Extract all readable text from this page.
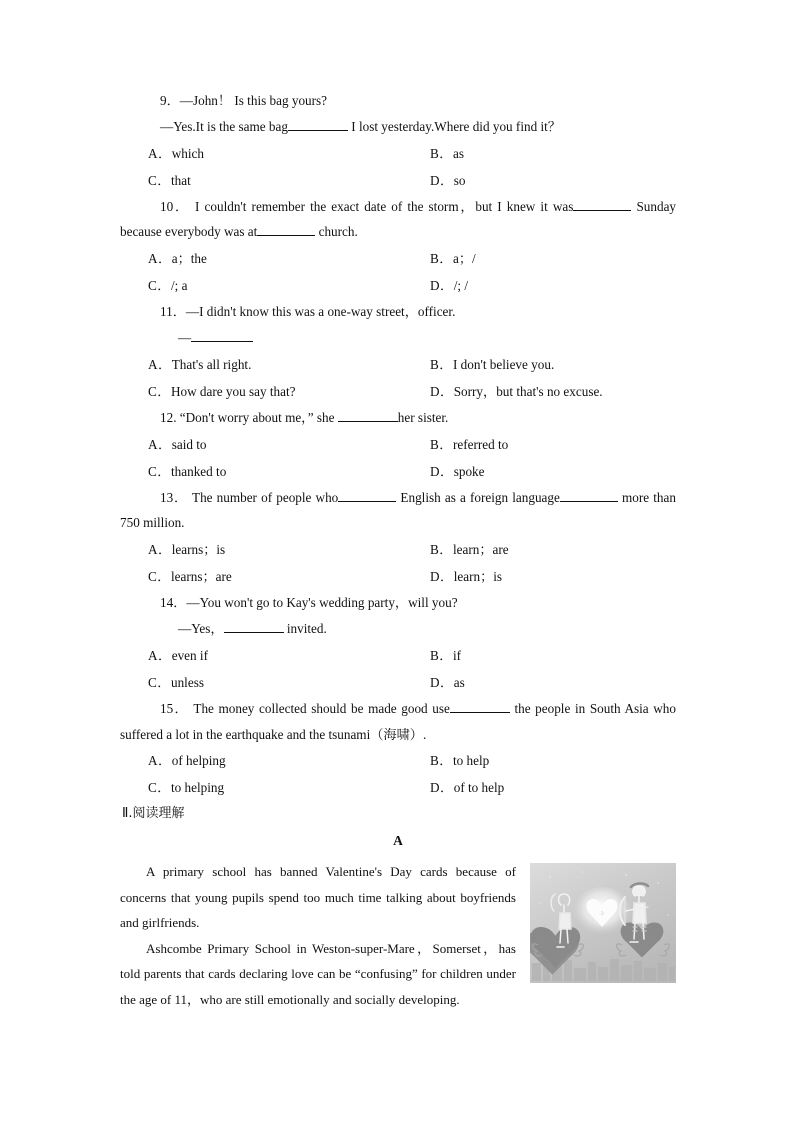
9．—John！ Is this bag yours?

—Yes.It is the same bag	I lost yesterday.Where did you find it？

A．which	B．as
C．that	D．so

10． I couldn't remember the exact date of the storm，but I knew it was	Sunday because everybody was at	church.

A．a；the	B．a；/
C．/; a	D．/; /

11．—I didn't know this was a one-way street，officer.

—

A．That's all right.	B．I don't believe you.
C．How dare you say that?	D．Sorry，but that's no excuse.

12. “Don't worry about me，” she	her sister.

A．said to	B．referred to
C．thanked to	D．spoke

13． The number of people who	English as a foreign language	more than 750 million.

A．learns；is	B．learn；are
C．learns；are	D．learn；is

14．—You won't go to Kay's wedding party，will you?

—Yes，	invited.

A．even if	B．if
C．unless	D．as

15． The money collected should be made good use	the people in South Asia who suffered a lot in the earthquake and the tsunami（海啸）.

A．of helping	B．to help
C．to helping	D．of to help

Ⅱ.阅读理解

A

·Ɔ·

A primary school has banned Valentine's Day cards because of concerns that young pupils spend too much time talking about boyfriends and girlfriends.

Ashcombe Primary School in Weston-super-Mare，Somerset，has told parents that cards declaring love can be “confusing” for children under the age of 11，who are still emotionally and socially developing.
